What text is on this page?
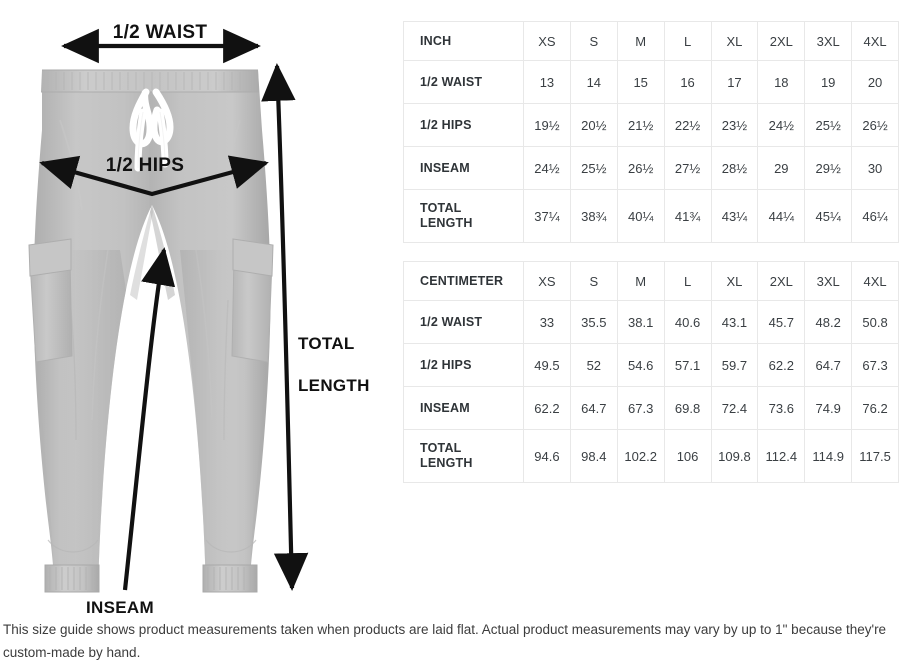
1/2 WAIST
1/2 HIPS

TOTAL

LENGTH

INSEAM
INCH	XS	S	M	L	XL	2XL	3XL	4XL
1/2 WAIST	13	14	15	16	17	18	19	20
1/2 HIPS	19½	20½	21½	22½	23½	24½	25½	26½
INSEAM	24½	25½	26½	27½	28½	29	29½	30

TOTAL
LENGTH	37¼	38¾	40¼	41¾	43¼	44¼	45¼	46¼
CENTIMETER	XS	S	M	L	XL	2XL	3XL	4XL
1/2 WAIST	33	35.5	38.1	40.6	43.1	45.7	48.2	50.8
1/2 HIPS	49.5	52	54.6	57.1	59.7	62.2	64.7	67.3
INSEAM	62.2	64.7	67.3	69.8	72.4	73.6	74.9	76.2

TOTAL
LENGTH	94.6	98.4	102.2	106	109.8	112.4	114.9	117.5
This size guide shows product measurements taken when products are laid flat. Actual product measurements may vary by up to 1" because they're custom-made by hand.
